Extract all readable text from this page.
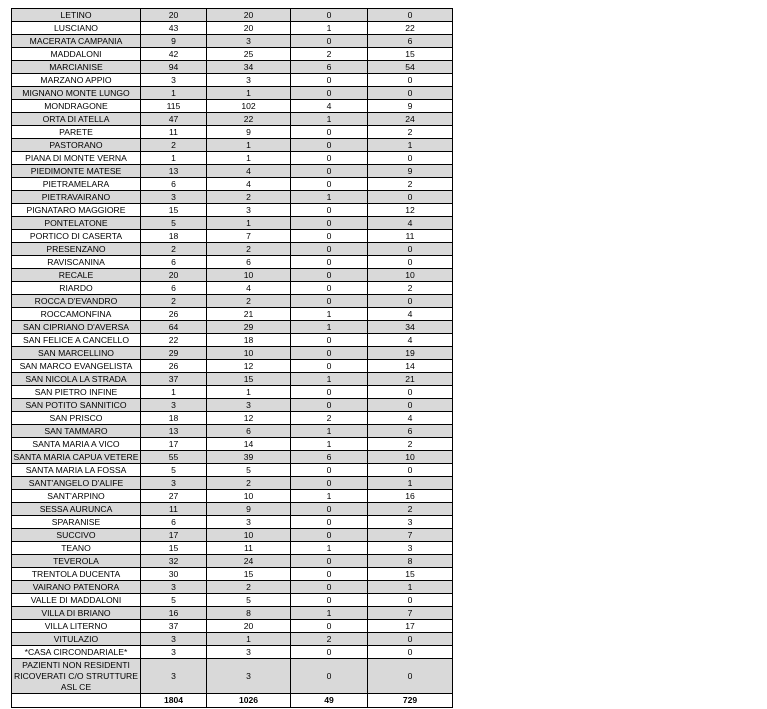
LETINO	20	20	0	0
LUSCIANO	43	20	1	22
MACERATA CAMPANIA	9	3	0	6
MADDALONI	42	25	2	15
MARCIANISE	94	34	6	54
MARZANO APPIO	3	3	0	0
MIGNANO MONTE LUNGO	1	1	0	0
MONDRAGONE	115	102	4	9
ORTA DI ATELLA	47	22	1	24
PARETE	11	9	0	2
PASTORANO	2	1	0	1
PIANA DI MONTE VERNA	1	1	0	0
PIEDIMONTE MATESE	13	4	0	9
PIETRAMELARA	6	4	0	2
PIETRAVAIRANO	3	2	1	0
PIGNATARO MAGGIORE	15	3	0	12
PONTELATONE	5	1	0	4
PORTICO DI CASERTA	18	7	0	11
PRESENZANO	2	2	0	0
RAVISCANINA	6	6	0	0
RECALE	20	10	0	10
RIARDO	6	4	0	2
ROCCA D'EVANDRO	2	2	0	0
ROCCAMONFINA	26	21	1	4
SAN CIPRIANO D'AVERSA	64	29	1	34
SAN FELICE A CANCELLO	22	18	0	4
SAN MARCELLINO	29	10	0	19
SAN MARCO EVANGELISTA	26	12	0	14
SAN NICOLA LA STRADA	37	15	1	21
SAN PIETRO INFINE	1	1	0	0
SAN POTITO SANNITICO	3	3	0	0
SAN PRISCO	18	12	2	4
SAN TAMMARO	13	6	1	6
SANTA MARIA A VICO	17	14	1	2
SANTA MARIA CAPUA VETERE	55	39	6	10
SANTA MARIA LA FOSSA	5	5	0	0
SANT'ANGELO D'ALIFE	3	2	0	1
SANT'ARPINO	27	10	1	16
SESSA AURUNCA	11	9	0	2
SPARANISE	6	3	0	3
SUCCIVO	17	10	0	7
TEANO	15	11	1	3
TEVEROLA	32	24	0	8
TRENTOLA DUCENTA	30	15	0	15
VAIRANO PATENORA	3	2	0	1
VALLE DI MADDALONI	5	5	0	0
VILLA DI BRIANO	16	8	1	7
VILLA LITERNO	37	20	0	17
VITULAZIO	3	1	2	0
*CASA CIRCONDARIALE*	3	3	0	0
PAZIENTI NON RESIDENTI RICOVERATI C/O STRUTTURE ASL CE	3	3	0	0
	1804	1026	49	729
